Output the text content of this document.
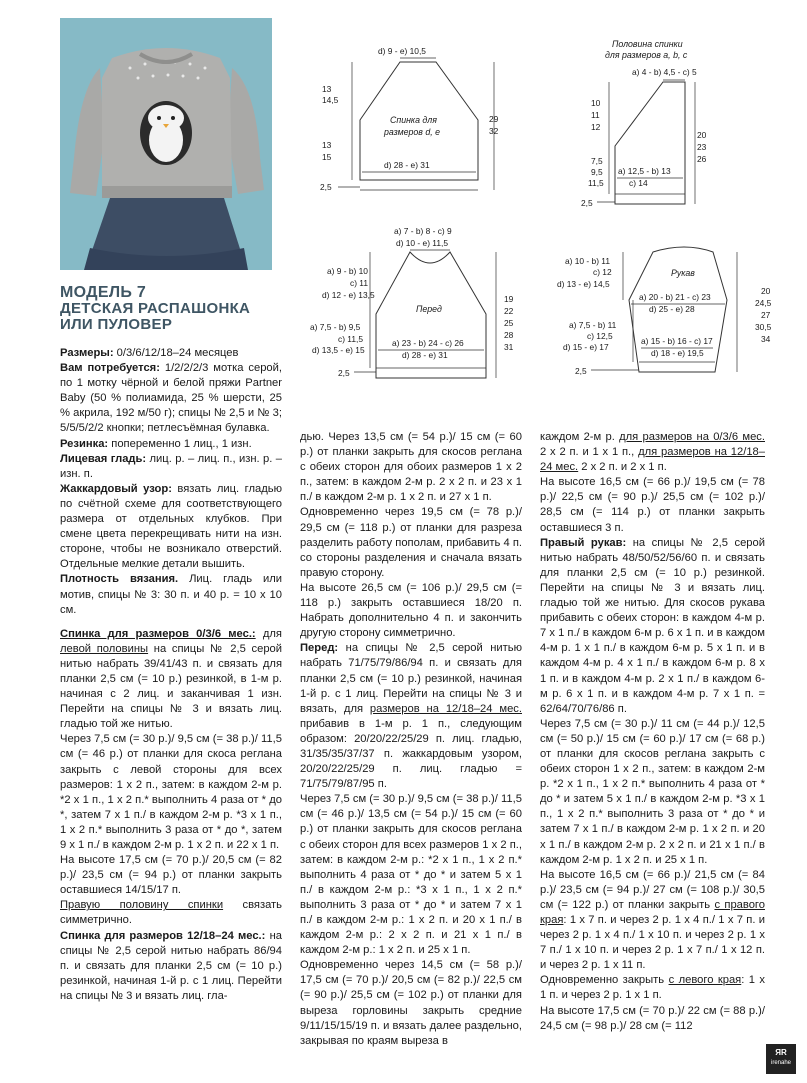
МОДЕЛЬ 7
ДЕТСКАЯ РАСПАШОНКА
ИЛИ ПУЛОВЕР
d) 9 - e) 10,5
13
14,5
13
15
Спинка для
размеров d, e
29
32
d) 28 - e) 31
2,5
Половина спинки
для размеров a, b, c
a) 4 - b) 4,5 - c) 5
10
11
12
7,5
9,5
11,5
20
23
26
a) 12,5 - b) 13
c) 14
2,5
a) 7 - b) 8 - c) 9
d) 10 - e) 11,5
a) 9 - b) 10
c) 11
d) 12 - e) 13,5
a) 7,5 - b) 9,5
c) 11,5
d) 13,5 - e) 15
Перед
19
22
25
28
31
a) 23 - b) 24 - c) 26
d) 28 - e) 31
2,5
a) 10 - b) 11
c) 12
d) 13 - e) 14,5
a) 7,5 - b) 11
c) 12,5
d) 15 - e) 17
Рукав
a) 20 - b) 21 - c) 23
d) 25 - e) 28
20
24,5
27
30,5
34
a) 15 - b) 16 - c) 17
d) 18 - e) 19,5
2,5

Размеры: 0/3/6/12/18–24 месяцев

Вам потребуется: 1/2/2/2/3 мотка серой, по 1 мотку чёрной и белой пряжи Partner Baby (50 % полиамида, 25 % шерсти, 25 % акрила, 192 м/50 г); спицы № 2,5 и № 3; 5/5/5/2/2 кнопки; петлесъёмная булавка.

Резинка: попеременно 1 лиц., 1 изн.

Лицевая гладь: лиц. р. – лиц. п., изн. р. – изн. п.

Жаккардовый узор: вязать лиц. гладью по счётной схеме для соответствующего размера от отдельных клубков. При смене цвета перекрещивать нити на изн. стороне, чтобы не возникало отверстий. Отдельные мелкие детали вышить.

Плотность вязания. Лиц. гладь или мотив, спицы № 3: 30 п. и 40 р. = 10 x 10 см.

Спинка для размеров 0/3/6 мес.: для левой половины на спицы № 2,5 серой нитью набрать 39/41/43 п. и связать для планки 2,5 см (= 10 р.) резинкой, в 1-м р. начиная с 2 лиц. и заканчивая 1 изн. Перейти на спицы № 3 и вязать лиц. гладью той же нитью.

Через 7,5 см (= 30 р.)/ 9,5 см (= 38 р.)/ 11,5 см (= 46 р.) от планки для скоса реглана закрыть с левой стороны для всех размеров: 1 x 2 п., затем: в каждом 2-м р. *2 x 1 п., 1 x 2 п.* выполнить 4 раза от * до *, затем 7 x 1 п./ в каждом 2-м р. *3 x 1 п., 1 x 2 п.* выполнить 3 раза от * до *, затем 9 x 1 п./ в каждом 2-м р. 1 x 2 п. и 22 x 1 п.

На высоте 17,5 см (= 70 р.)/ 20,5 см (= 82 р.)/ 23,5 см (= 94 р.) от планки закрыть оставшиеся 14/15/17 п.

Правую половину спинки связать симметрично.

Спинка для размеров 12/18–24 мес.: на спицы № 2,5 серой нитью набрать 86/94 п. и связать для планки 2,5 см (= 10 р.) резинкой, начиная 1-й р. с 1 лиц. Перейти на спицы № 3 и вязать лиц. гла-

дью. Через 13,5 см (= 54 р.)/ 15 см (= 60 р.) от планки закрыть для скосов реглана с обеих сторон для обоих размеров 1 x 2 п., затем: в каждом 2-м р. 2 x 2 п. и 23 x 1 п./ в каждом 2-м р. 1 x 2 п. и 27 x 1 п.

Одновременно через 19,5 см (= 78 р.)/ 29,5 см (= 118 р.) от планки для разреза разделить работу пополам, прибавить 4 п. со стороны разделения и сначала вязать правую сторону.

На высоте 26,5 см (= 106 р.)/ 29,5 см (= 118 р.) закрыть оставшиеся 18/20 п. Набрать дополнительно 4 п. и закончить другую сторону симметрично.

Перед: на спицы № 2,5 серой нитью набрать 71/75/79/86/94 п. и связать для планки 2,5 см (= 10 р.) резинкой, начиная 1-й р. с 1 лиц. Перейти на спицы № 3 и вязать, для размеров на 12/18–24 мес. прибавив в 1-м р. 1 п., следующим образом: 20/20/22/25/29 п. лиц. гладью, 31/35/35/37/37 п. жаккардовым узором, 20/20/22/25/29 п. лиц. гладью = 71/75/79/87/95 п.

Через 7,5 см (= 30 р.)/ 9,5 см (= 38 р.)/ 11,5 см (= 46 р.)/ 13,5 см (= 54 р.)/ 15 см (= 60 р.) от планки закрыть для скосов реглана с обеих сторон для всех размеров 1 x 2 п., затем: в каждом 2-м р.: *2 x 1 п., 1 x 2 п.* выполнить 4 раза от * до * и затем 5 x 1 п./ в каждом 2-м р.: *3 x 1 п., 1 x 2 п.* выполнить 3 раза от * до * и затем 7 x 1 п./ в каждом 2-м р.: 1 x 2 п. и 20 x 1 п./ в каждом 2-м р.: 2 x 2 п. и 21 x 1 п./ в каждом 2-м р.: 1 x 2 п. и 25 x 1 п.

Одновременно через 14,5 см (= 58 р.)/ 17,5 см (= 70 р.)/ 20,5 см (= 82 р.)/ 22,5 см (= 90 р.)/ 25,5 см (= 102 р.) от планки для выреза горловины закрыть средние 9/11/15/15/19 п. и вязать далее раздельно, закрывая по краям выреза в

каждом 2-м р. для размеров на 0/3/6 мес. 2 x 2 п. и 1 x 1 п., для размеров на 12/18–24 мес. 2 x 2 п. и 2 x 1 п.

На высоте 16,5 см (= 66 р.)/ 19,5 см (= 78 р.)/ 22,5 см (= 90 р.)/ 25,5 см (= 102 р.)/ 28,5 см (= 114 р.) от планки закрыть оставшиеся 3 п.

Правый рукав: на спицы № 2,5 серой нитью набрать 48/50/52/56/60 п. и связать для планки 2,5 см (= 10 р.) резинкой. Перейти на спицы № 3 и вязать лиц. гладью той же нитью. Для скосов рукава прибавить с обеих сторон: в каждом 4-м р. 7 x 1 п./ в каждом 6-м р. 6 x 1 п. и в каждом 4-м р. 1 x 1 п./ в каждом 6-м р. 5 x 1 п. и в каждом 4-м р. 4 x 1 п./ в каждом 6-м р. 8 x 1 п. и в каждом 4-м р. 2 x 1 п./ в каждом 6-м р. 6 x 1 п. и в каждом 4-м р. 7 x 1 п. = 62/64/70/76/86 п.

Через 7,5 см (= 30 р.)/ 11 см (= 44 р.)/ 12,5 см (= 50 р.)/ 15 см (= 60 р.)/ 17 см (= 68 р.) от планки для скосов реглана закрыть с обеих сторон 1 x 2 п., затем: в каждом 2-м р. *2 x 1 п., 1 x 2 п.* выполнить 4 раза от * до * и затем 5 x 1 п./ в каждом 2-м р. *3 x 1 п., 1 x 2 п.* выполнить 3 раза от * до * и затем 7 x 1 п./ в каждом 2-м р. 1 x 2 п. и 20 x 1 п./ в каждом 2-м р. 2 x 2 п. и 21 x 1 п./ в каждом 2-м р. 1 x 2 п. и 25 x 1 п.

На высоте 16,5 см (= 66 р.)/ 21,5 см (= 84 р.)/ 23,5 см (= 94 р.)/ 27 см (= 108 р.)/ 30,5 см (= 122 р.) от планки закрыть с правого края: 1 x 7 п. и через 2 р. 1 x 4 п./ 1 x 7 п. и через 2 р. 1 x 4 п./ 1 x 10 п. и через 2 р. 1 x 7 п./ 1 x 10 п. и через 2 р. 1 x 7 п./ 1 x 12 п. и через 2 р. 1 x 11 п.

Одновременно закрыть с левого края: 1 x 1 п. и через 2 р. 1 x 1 п.

На высоте 17,5 см (= 70 р.)/ 22 см (= 88 р.)/ 24,5 см (= 98 р.)/ 28 см (= 112

ЯR
irenahe
